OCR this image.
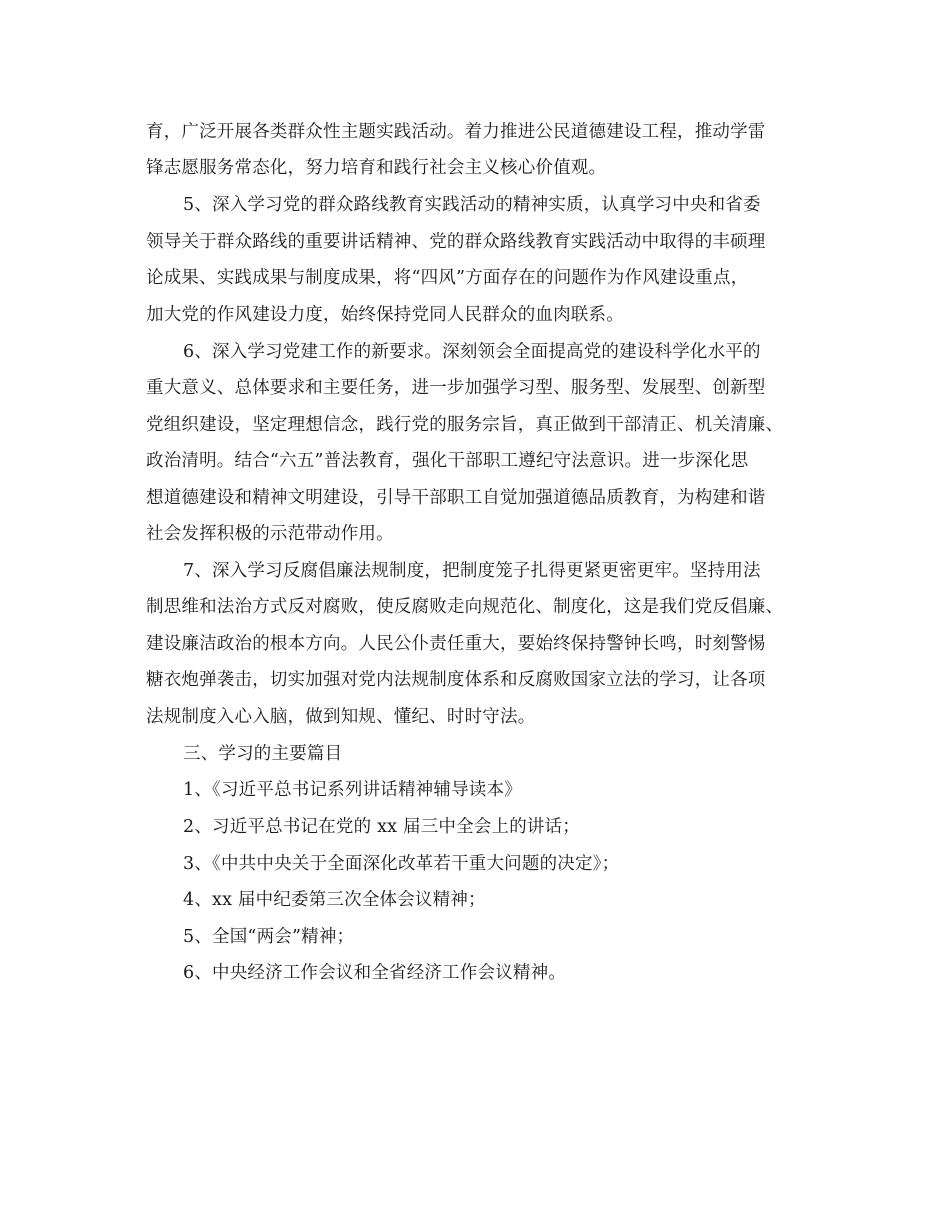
育，广泛开展各类群众性主题实践活动。着力推进公民道德建设工程，推动学雷
锋志愿服务常态化，努力培育和践行社会主义核心价值观。
5、深入学习党的群众路线教育实践活动的精神实质，认真学习中央和省委
领导关于群众路线的重要讲话精神、党的群众路线教育实践活动中取得的丰硕理
论成果、实践成果与制度成果，将“四风”方面存在的问题作为作风建设重点，
加大党的作风建设力度，始终保持党同人民群众的血肉联系。
6、深入学习党建工作的新要求。深刻领会全面提高党的建设科学化水平的
重大意义、总体要求和主要任务，进一步加强学习型、服务型、发展型、创新型
党组织建设，坚定理想信念，践行党的服务宗旨，真正做到干部清正、机关清廉、
政治清明。结合“六五”普法教育，强化干部职工遵纪守法意识。进一步深化思
想道德建设和精神文明建设，引导干部职工自觉加强道德品质教育，为构建和谐
社会发挥积极的示范带动作用。
7、深入学习反腐倡廉法规制度，把制度笼子扎得更紧更密更牢。坚持用法
制思维和法治方式反对腐败，使反腐败走向规范化、制度化，这是我们党反倡廉、
建设廉洁政治的根本方向。人民公仆责任重大，要始终保持警钟长鸣，时刻警惕
糖衣炮弹袭击，切实加强对党内法规制度体系和反腐败国家立法的学习，让各项
法规制度入心入脑，做到知规、懂纪、时时守法。
三、学习的主要篇目
1、《习近平总书记系列讲话精神辅导读本》
2、习近平总书记在党的 xx 届三中全会上的讲话；
3、《中共中央关于全面深化改革若干重大问题的决定》；
4、xx 届中纪委第三次全体会议精神；
5、全国“两会”精神；
6、中央经济工作会议和全省经济工作会议精神。
